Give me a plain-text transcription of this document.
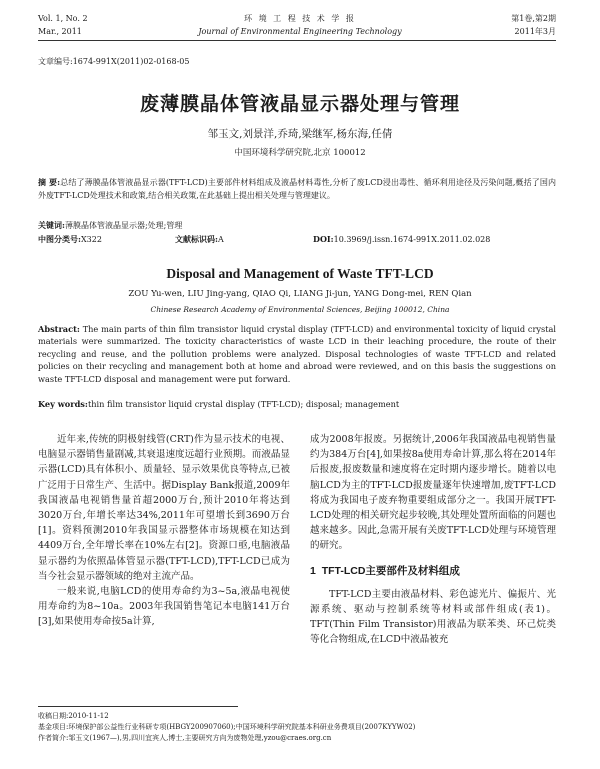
Vol. 1, No. 2
Mar., 2011
环 境 工 程 技 术 学 报
Journal of Environmental Engineering Technology
第1卷,第2期
2011年3月
文章编号:1674-991X(2011)02-0168-05
废薄膜晶体管液晶显示器处理与管理
邹玉文,刘景洋,乔琦,梁继军,杨东海,任倩
中国环境科学研究院,北京 100012
摘 要:总结了薄膜晶体管液晶显示器(TFT-LCD)主要部件材料组成及液晶材料毒性,分析了废LCD浸出毒性、循环利用途径及污染问题,概括了国内外废TFT-LCD处理技术和政策,结合相关政策,在此基础上提出相关处理与管理建议。
关键词:薄膜晶体管液晶显示器;处理;管理
中图分类号:X322	文献标识码:A	DOI:10.3969/j.issn.1674-991X.2011.02.028
Disposal and Management of Waste TFT-LCD
ZOU Yu-wen, LIU Jing-yang, QIAO Qi, LIANG Ji-jun, YANG Dong-mei, REN Qian
Chinese Research Academy of Environmental Sciences, Beijing 100012, China
Abstract: The main parts of thin film transistor liquid crystal display (TFT-LCD) and environmental toxicity of liquid crystal materials were summarized. The toxicity characteristics of waste LCD in their leaching procedure, the route of their recycling and reuse, and the pollution problems were analyzed. Disposal technologies of waste TFT-LCD and related policies on their recycling and management both at home and abroad were reviewed, and on this basis the suggestions on waste TFT-LCD disposal and management were put forward.
Key words:thin film transistor liquid crystal display (TFT-LCD); disposal; management

近年来,传统的阴极射线管(CRT)作为显示技术的电视、电脑显示器销售量剧减,其衰退速度远超行业预期。而液晶显示器(LCD)具有体积小、质量轻、显示效果优良等特点,已被广泛用于日常生产、生活中。据Display Bank报道,2009年我国液晶电视销售量首超2000万台,预计2010年将达到3020万台,年增长率达34%,2011年可望增长到3690万台[1]。资料预测2010年我国显示器整体市场规模在知达到4409万台,全年增长率在10%左右[2]。资源口亟,电脑液晶显示器约为依照晶体管显示器(TFT-LCD),TFT-LCD已成为当今社会显示器领域的绝对主流产品。

一般来说,电脑LCD的使用寿命约为3~5a,液晶电视使用寿命约为8~10a。2003年我国销售笔记本电脑141万台[3],如果使用寿命按5a计算,

成为2008年报废。另据统计,2006年我国液晶电视销售量约为384万台[4],如果按8a使用寿命计算,那么将在2014年后报废,报废数量和速度将在定时期内逐步增长。随着以电脑LCD为主的TFT-LCD报废量逐年快速增加,废TFT-LCD将成为我国电子废弃物重要组成部分之一。我国开展TFT-LCD处理的相关研究起步较晚,其处理处置所面临的问题也越来越多。因此,急需开展有关废TFT-LCD处理与环境管理的研究。

1 TFT-LCD主要部件及材料组成

TFT-LCD主要由液晶材料、彩色滤光片、偏振片、光源系统、驱动与控制系统等材料或部件组成(表1)。TFT(Thin Film Transistor)用液晶为联苯类、环己烷类等化合物组成,在LCD中液晶被充

收稿日期:2010-11-12
基金项目:环境保护部公益性行业科研专项(HBGY200907060);中国环境科学研究院基本科研业务费项目(2007KYYW02)
作者简介:邹玉文(1967—),男,四川宜宾人,博士,主要研究方向为废物处理,yzou@craes.org.cn
